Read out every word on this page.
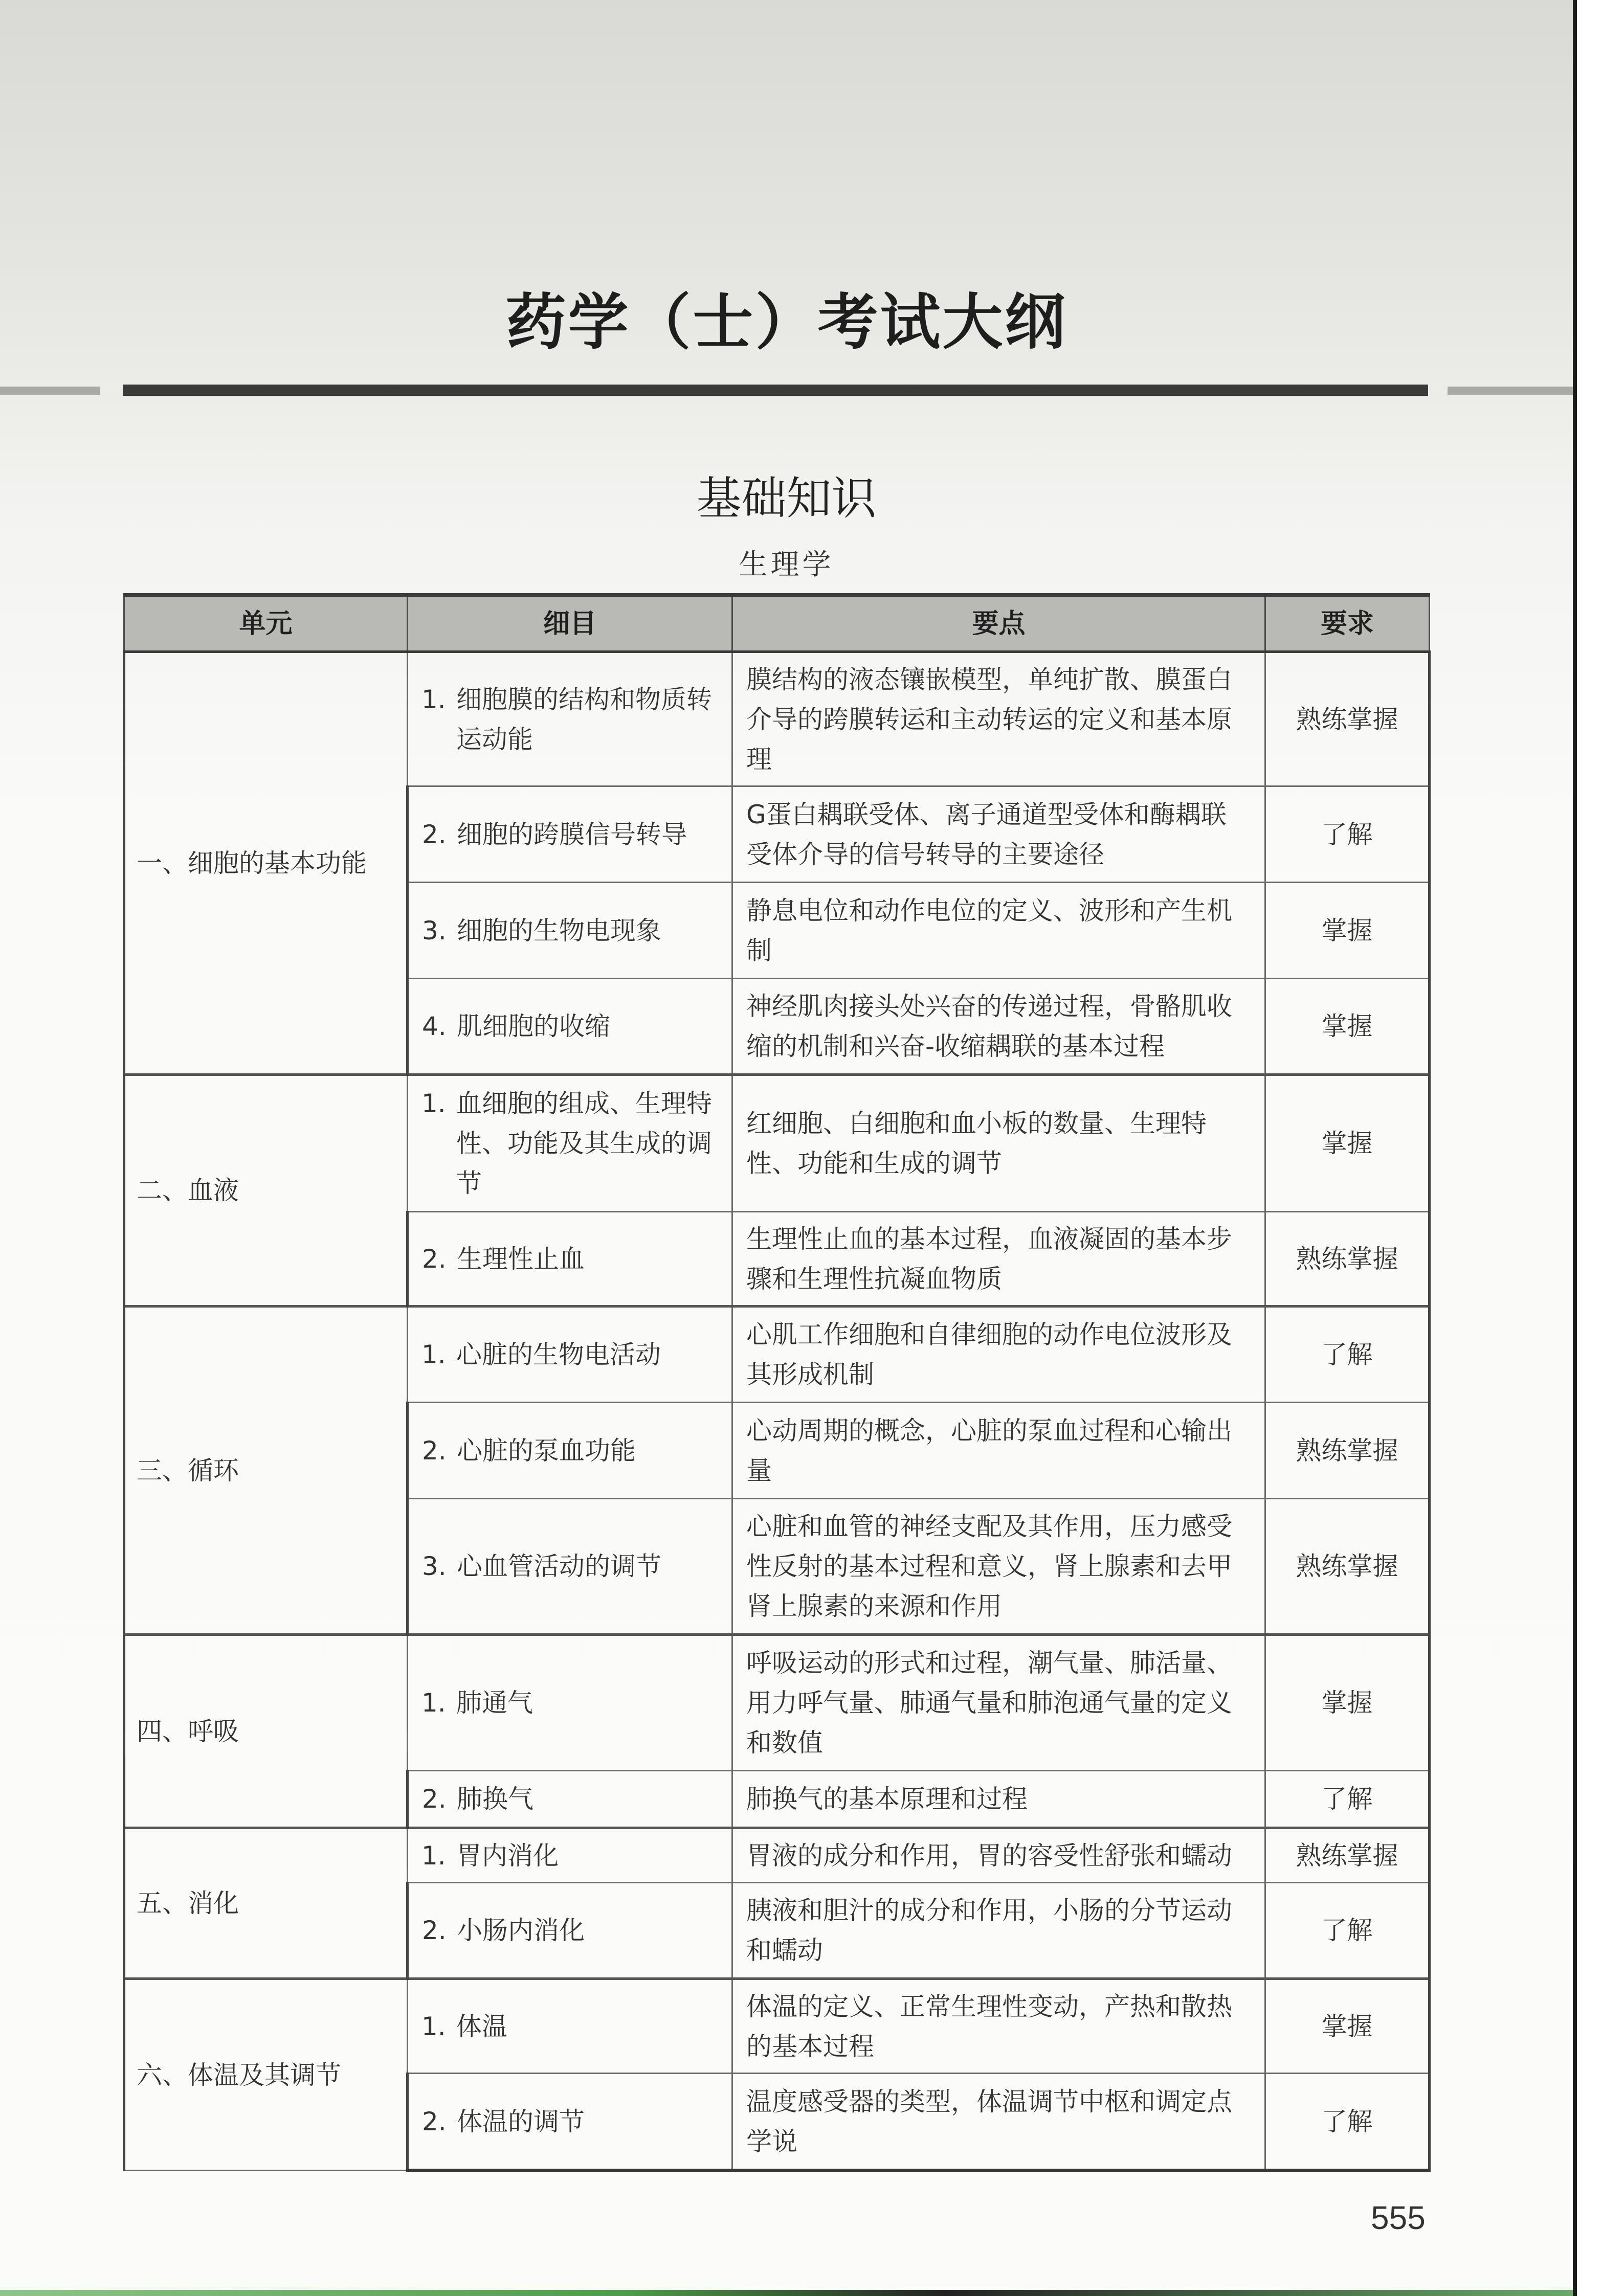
药学（士）考试大纲
基础知识
生理学
单元	细目	要点	要求
一、细胞的基本功能	1. 细胞膜的结构和物质转运动能	膜结构的液态镶嵌模型，单纯扩散、膜蛋白介导的跨膜转运和主动转运的定义和基本原理	熟练掌握
	2. 细胞的跨膜信号转导	G蛋白耦联受体、离子通道型受体和酶耦联受体介导的信号转导的主要途径	了解
	3. 细胞的生物电现象	静息电位和动作电位的定义、波形和产生机制	掌握
	4. 肌细胞的收缩	神经肌肉接头处兴奋的传递过程，骨骼肌收缩的机制和兴奋-收缩耦联的基本过程	掌握
二、血液	1. 血细胞的组成、生理特性、功能及其生成的调节	红细胞、白细胞和血小板的数量、生理特性、功能和生成的调节	掌握
	2. 生理性止血	生理性止血的基本过程，血液凝固的基本步骤和生理性抗凝血物质	熟练掌握
三、循环	1. 心脏的生物电活动	心肌工作细胞和自律细胞的动作电位波形及其形成机制	了解
	2. 心脏的泵血功能	心动周期的概念，心脏的泵血过程和心输出量	熟练掌握
	3. 心血管活动的调节	心脏和血管的神经支配及其作用，压力感受性反射的基本过程和意义，肾上腺素和去甲肾上腺素的来源和作用	熟练掌握
四、呼吸	1. 肺通气	呼吸运动的形式和过程，潮气量、肺活量、用力呼气量、肺通气量和肺泡通气量的定义和数值	掌握
	2. 肺换气	肺换气的基本原理和过程	了解
五、消化	1. 胃内消化	胃液的成分和作用，胃的容受性舒张和蠕动	熟练掌握
	2. 小肠内消化	胰液和胆汁的成分和作用，小肠的分节运动和蠕动	了解
六、体温及其调节	1. 体温	体温的定义、正常生理性变动，产热和散热的基本过程	掌握
	2. 体温的调节	温度感受器的类型，体温调节中枢和调定点学说	了解
555
